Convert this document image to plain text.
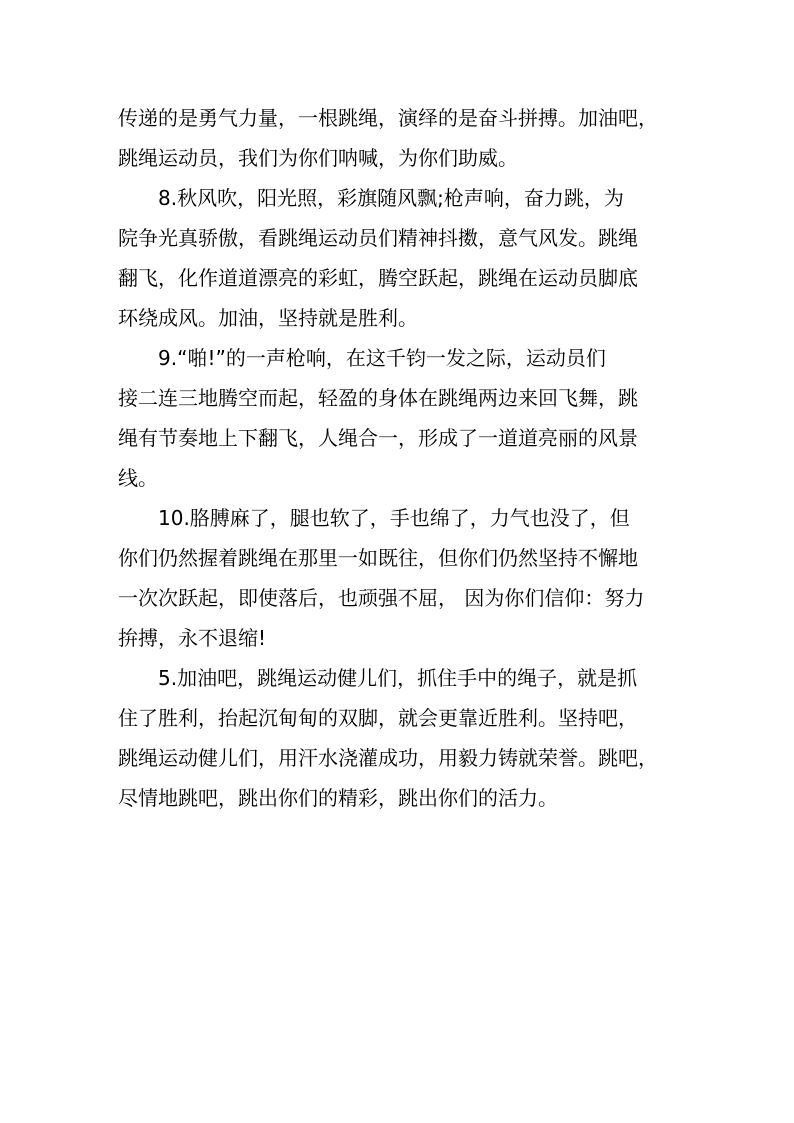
传递的是勇气力量，一根跳绳，演绎的是奋斗拼搏。加油吧，
跳绳运动员，我们为你们呐喊，为你们助威。
8.秋风吹，阳光照，彩旗随风飘;枪声响，奋力跳，为
院争光真骄傲，看跳绳运动员们精神抖擞，意气风发。跳绳
翻飞，化作道道漂亮的彩虹，腾空跃起，跳绳在运动员脚底
环绕成风。加油，坚持就是胜利。
9.“啪!”的一声枪响，在这千钧一发之际，运动员们
接二连三地腾空而起，轻盈的身体在跳绳两边来回飞舞，跳
绳有节奏地上下翻飞，人绳合一，形成了一道道亮丽的风景
线。
10.胳膊麻了，腿也软了，手也绵了，力气也没了，但
你们仍然握着跳绳在那里一如既往，但你们仍然坚持不懈地
一次次跃起，即使落后，也顽强不屈， 因为你们信仰：努力
拚搏，永不退缩!
5.加油吧，跳绳运动健儿们，抓住手中的绳子，就是抓
住了胜利，抬起沉甸甸的双脚，就会更靠近胜利。坚持吧，
跳绳运动健儿们，用汗水浇灌成功，用毅力铸就荣誉。跳吧，
尽情地跳吧，跳出你们的精彩，跳出你们的活力。
